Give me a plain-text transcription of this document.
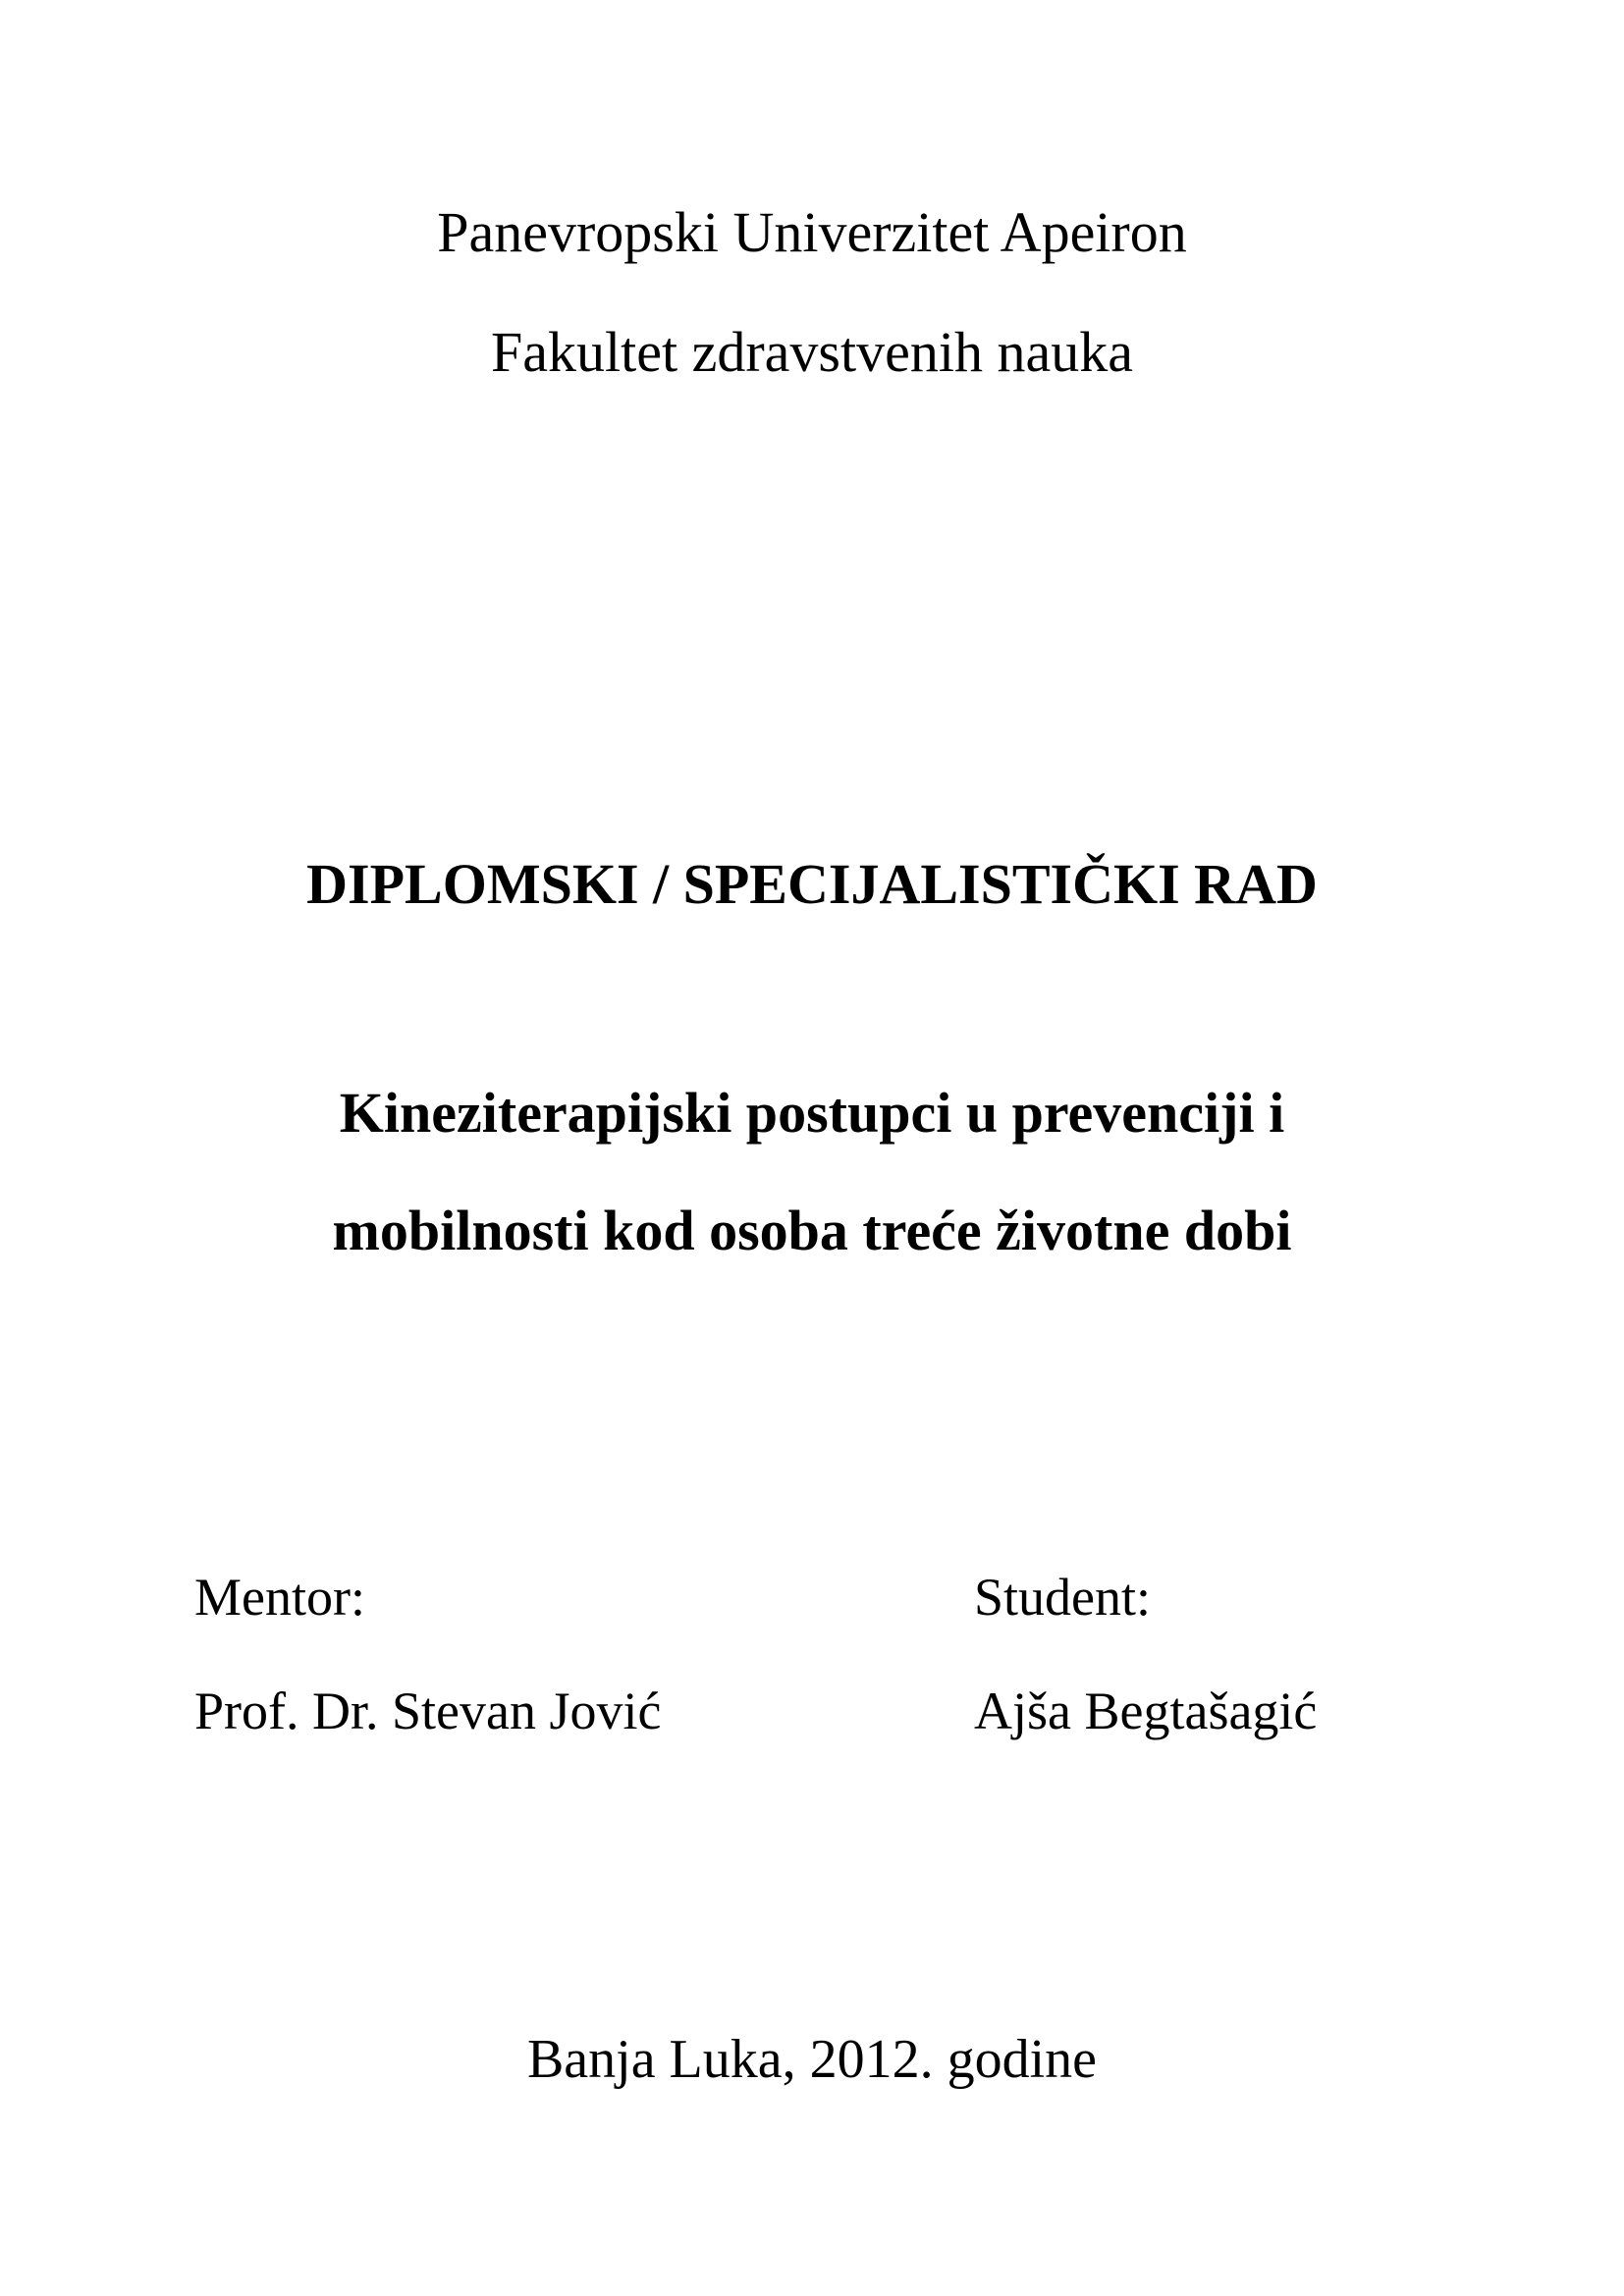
Panevropski Univerzitet Apeiron
Fakultet zdravstvenih nauka
DIPLOMSKI / SPECIJALISTIČKI RAD
Kineziterapijski postupci u prevenciji i
mobilnosti kod osoba treće životne dobi
Mentor:
Prof. Dr. Stevan Jović
Student:
Ajša Begtašagić
Banja Luka, 2012. godine
